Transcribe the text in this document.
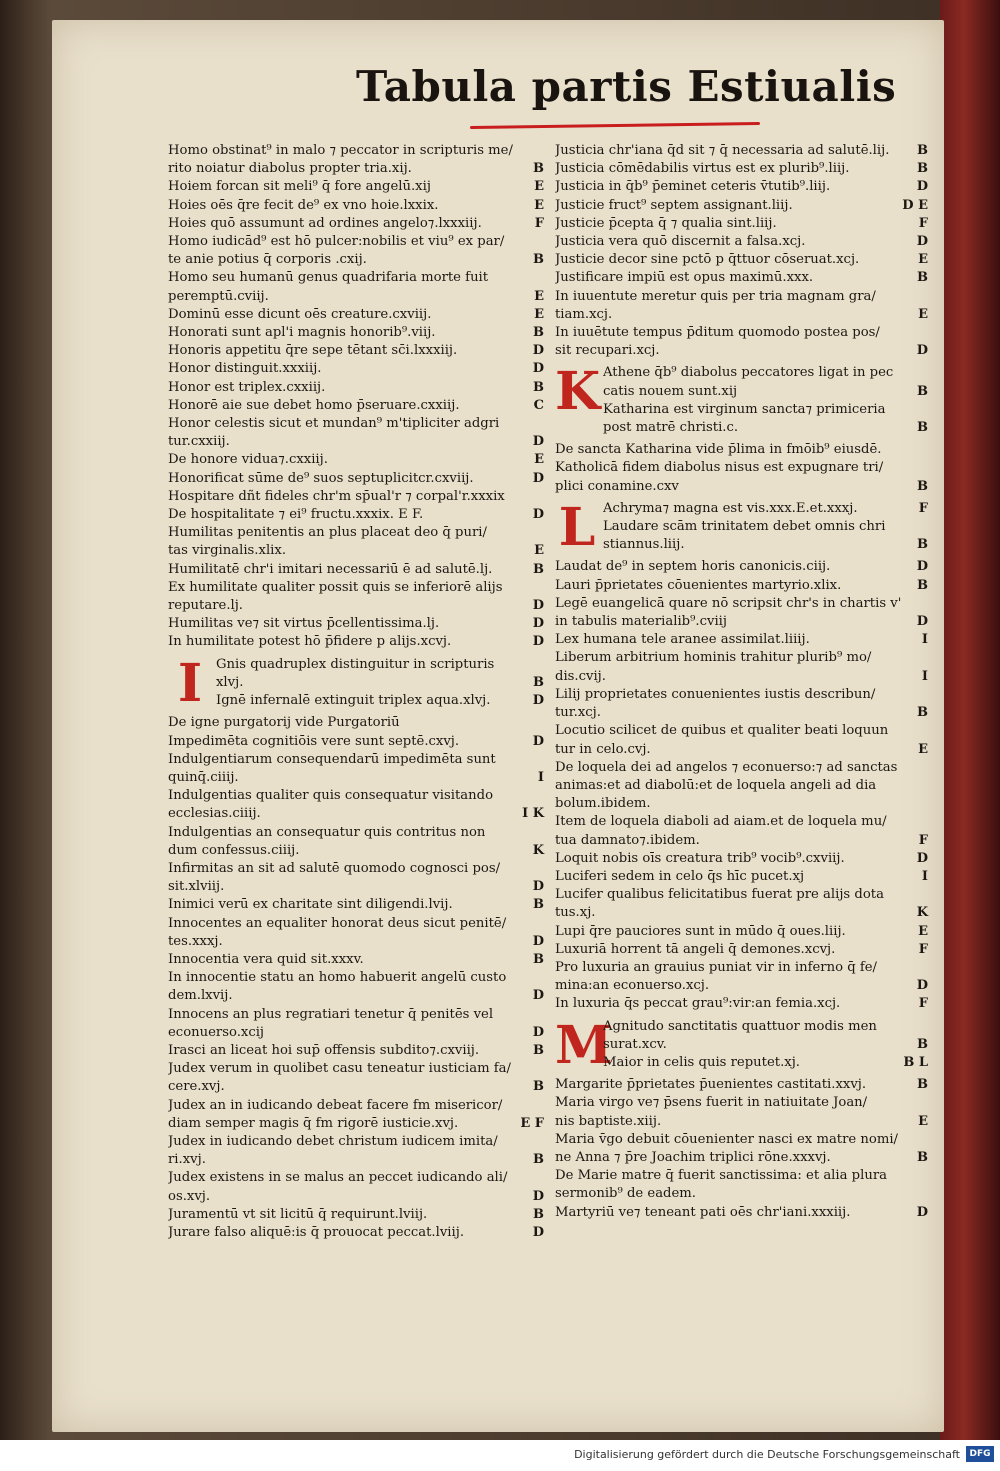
Tabula partis Estiualis
Homo obstinat⁹ in malo ⁊ peccator in scripturis me/
rito noiatur diabolus propter tria.xij.	B
Hoiem forcan sit meli⁹ q̄ fore angelū.xij	E
Hoies oēs q̄re fecit de⁹ ex vno hoie.lxxix.	E
Hoies quō assumunt ad ordines angelo⁊.lxxxiij.	F
Homo iudicād⁹ est hō pulcer:nobilis et viu⁹ ex par/
te anie potius q̄ corporis .cxij.	B
Homo seu humanū genus quadrifaria morte fuit
peremptū.cviij.	E
Dominū esse dicunt oēs creature.cxviij.	E
Honorati sunt apl'i magnis honorib⁹.viij.	B
Honoris appetitu q̄re sepe tētant sc̄i.lxxxiij.	D
Honor distinguit.xxxiij.	D
Honor est triplex.cxxiij.	B
Honorē aie sue debet homo p̄seruare.cxxiij.	C
Honor celestis sicut et mundan⁹ m'tipliciter adgri
tur.cxxiij.	D
De honore vidua⁊.cxxiij.	E
Honorificat sūme de⁹ suos septuplicitcr.cxviij.	D
Hospitare dñt fideles chr'm sp̄ual'r ⁊ corpal'r.xxxix
De hospitalitate ⁊ ei⁹ fructu.xxxix. E F.	D
Humilitas penitentis an plus placeat deo q̄ puri/
tas virginalis.xlix.	E
Humilitatē chr'i imitari necessariū ē ad salutē.lj.	B
Ex humilitate qualiter possit quis se inferiorē alijs
reputare.lj.	D
Humilitas ve⁊ sit virtus p̄cellentissima.lj.	D
In humilitate potest hō p̄fidere p alijs.xcvj.	D
I	Gnis quadruplex distinguitur in scripturis
xlvj.	B
Ignē infernalē extinguit triplex aqua.xlvj.	D
De igne purgatorij vide Purgatoriū
Impedimēta cognitiōis vere sunt septē.cxvj.	D
Indulgentiarum consequendarū impedimēta sunt
quinq̄.ciiij.	I
Indulgentias qualiter quis consequatur visitando
ecclesias.ciiij.	I K
Indulgentias an consequatur quis contritus non
dum confessus.ciiij.	K
Infirmitas an sit ad salutē quomodo cognosci pos/
sit.xlviij.	D
Inimici verū ex charitate sint diligendi.lvij.	B
Innocentes an equaliter honorat deus sicut penitē/
tes.xxxj.	D
Innocentia vera quid sit.xxxv.	B
In innocentie statu an homo habuerit angelū custo
dem.lxvij.	D
Innocens an plus regratiari tenetur q̄ penitēs vel
econuerso.xcij	D
Irasci an liceat hoi sup̄ offensis subdito⁊.cxviij.	B
Judex verum in quolibet casu teneatur iusticiam fa/
cere.xvj.	B
Judex an in iudicando debeat facere fm misericor/
diam semper magis q̄ fm rigorē iusticie.xvj.	E F
Judex in iudicando debet christum iudicem imita/
ri.xvj.	B
Judex existens in se malus an peccet iudicando ali/
os.xvj.	D
Juramentū vt sit licitū q̄ requirunt.lviij.	B
Jurare falso aliquē:is q̄ prouocat peccat.lviij.	D
Justicia chr'iana q̄d sit ⁊ q̄ necessaria ad salutē.lij. B
Justicia cōmēdabilis virtus est ex plurib⁹.liij.	B
Justicia in q̄b⁹ p̄eminet ceteris v̄tutib⁹.liij.	D
Justicie fruct⁹ septem assignant.liij.	D E
Justicie p̄cepta q̄ ⁊ qualia sint.liij.	F
Justicia vera quō discernit a falsa.xcj.	D
Justicie decor sine pctō p q̄ttuor cōseruat.xcj.	E
Justificare impiū est opus maximū.xxx.	B
In iuuentute meretur quis per tria magnam gra/
tiam.xcj.	E
In iuuētute tempus p̄ditum quomodo postea pos/
sit recupari.xcj.	D
K Athene q̄b⁹ diabolus peccatores ligat in pec
catis nouem sunt.xij	B
Katharina est virginum sancta⁊ primiceria
post matrē christi.c.	B
De sancta Katharina vide p̄lima in fmōib⁹ eiusdē.
Katholicā fidem diabolus nisus est expugnare tri/
plici conamine.cxv	B
L Achryma⁊ magna est vis.xxx.E.et.xxxj.	F
Laudare scām trinitatem debet omnis chri
stiannus.liij.	B
Laudat de⁹ in septem horis canonicis.ciij.	D
Lauri p̄prietates cōuenientes martyrio.xlix.	B
Legē euangelicā quare nō scripsit chr's in chartis v'
in tabulis materialib⁹.cviij	D
Lex humana tele aranee assimilat.liiij.	I
Liberum arbitrium hominis trahitur plurib⁹ mo/
dis.cvij.	I
Lilij proprietates conuenientes iustis describun/
tur.xcj.	B
Locutio scilicet de quibus et qualiter beati loquun
tur in celo.cvj.	E
De loquela dei ad angelos ⁊ econuerso:⁊ ad sanctas
animas:et ad diabolū:et de loquela angeli ad dia
bolum.ibidem.
Item de loquela diaboli ad aiam.et de loquela mu/
tua damnato⁊.ibidem.	F
Loquit nobis oīs creatura trib⁹ vocib⁹.cxviij.	D
Luciferi sedem in celo q̄s hīc pucet.xj	I
Lucifer qualibus felicitatibus fuerat pre alijs dota
tus.xj.	K
Lupi q̄re pauciores sunt in mūdo q̄ oues.liij.	E
Luxuriā horrent tā angeli q̄ demones.xcvj.	F
Pro luxuria an grauius puniat vir in inferno q̄ fe/
mina:an econuerso.xcj.	D
In luxuria q̄s peccat grau⁹:vir:an femia.xcj.	F
M
Agnitudo sanctitatis quattuor modis men
surat.xcv.	B
Maior in celis quis reputet.xj.	B L
Margarite p̄prietates p̄uenientes castitati.xxvj.	B
Maria virgo ve⁊ p̄sens fuerit in natiuitate Joan/
nis baptiste.xiij.	E
Maria v̄go debuit cōuenienter nasci ex matre nomi/
ne Anna ⁊ p̄re Joachim triplici rōne.xxxvj.	B
De Marie matre q̄ fuerit sanctissima: et alia plura
sermonib⁹ de eadem.
Martyriū ve⁊ teneant pati oēs chr'iani.xxxiij.	D
Digitalisierung gefördert durch die Deutsche Forschungsgemeinschaft	DFG
